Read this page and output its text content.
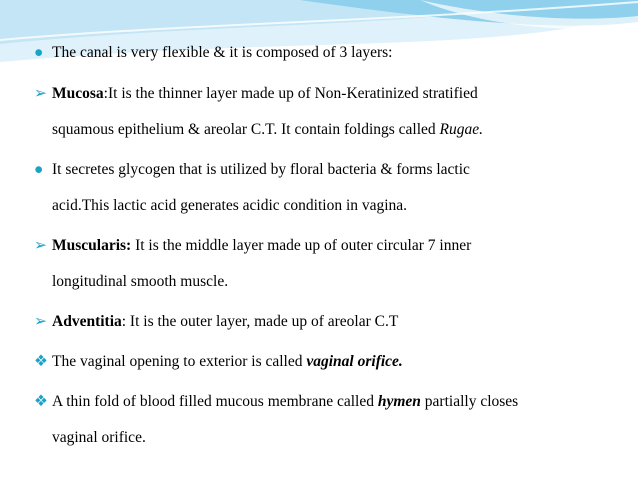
● The canal is very flexible & it is composed of 3 layers:
➢ Mucosa:It is the thinner layer made up of Non-Keratinized stratified
squamous epithelium & areolar C.T. It contain foldings called Rugae.
● It secretes glycogen that is utilized by floral bacteria & forms lactic
acid.This lactic acid generates acidic condition in vagina.
➢ Muscularis: It is the middle layer made up of outer circular 7 inner
longitudinal smooth muscle.
➢ Adventitia: It is the outer layer, made up of areolar C.T
❖ The vaginal opening to exterior is called vaginal orifice.
❖ A thin fold of blood filled mucous membrane called hymen partially closes
vaginal orifice.
